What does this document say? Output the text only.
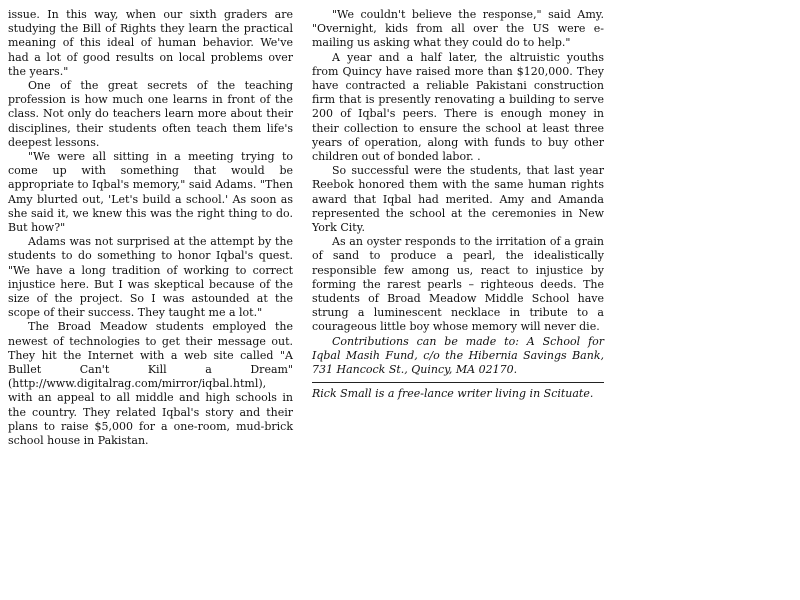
issue. In this way, when our sixth graders are studying the Bill of Rights they learn the practical meaning of this ideal of human behavior. We've had a lot of good results on local problems over the years."

One of the great secrets of the teaching profession is how much one learns in front of the class. Not only do teachers learn more about their disciplines, their students often teach them life's deepest lessons.

"We were all sitting in a meeting trying to come up with something that would be appropriate to Iqbal's memory," said Adams. "Then Amy blurted out, 'Let's build a school.' As soon as she said it, we knew this was the right thing to do. But how?"

Adams was not surprised at the attempt by the students to do something to honor Iqbal's quest. "We have a long tradition of working to correct injustice here. But I was skeptical because of the size of the project. So I was astounded at the scope of their success. They taught me a lot."

The Broad Meadow students employed the newest of technologies to get their message out. They hit the Internet with a web site called "A Bullet Can't Kill a Dream" (http://www.digitalrag.com/mirror/iqbal.html), with an appeal to all middle and high schools in the country. They related Iqbal's story and their plans to raise $5,000 for a one-room, mud-brick school house in Pakistan.

"We couldn't believe the response," said Amy. "Overnight, kids from all over the US were e-mailing us asking what they could do to help."

A year and a half later, the altruistic youths from Quincy have raised more than $120,000. They have contracted a reliable Pakistani construction firm that is presently renovating a building to serve 200 of Iqbal's peers. There is enough money in their collection to ensure the school at least three years of operation, along with funds to buy other children out of bonded labor. .

So successful were the students, that last year Reebok honored them with the same human rights award that Iqbal had merited. Amy and Amanda represented the school at the ceremonies in New York City.

As an oyster responds to the irritation of a grain of sand to produce a pearl, the idealistically responsible few among us, react to injustice by forming the rarest pearls – righteous deeds. The students of Broad Meadow Middle School have strung a luminescent necklace in tribute to a courageous little boy whose memory will never die.

Contributions can be made to: A School for Iqbal Masih Fund, c/o the Hibernia Savings Bank, 731 Hancock St., Quincy, MA 02170.

Rick Small is a free-lance writer living in Scituate.
